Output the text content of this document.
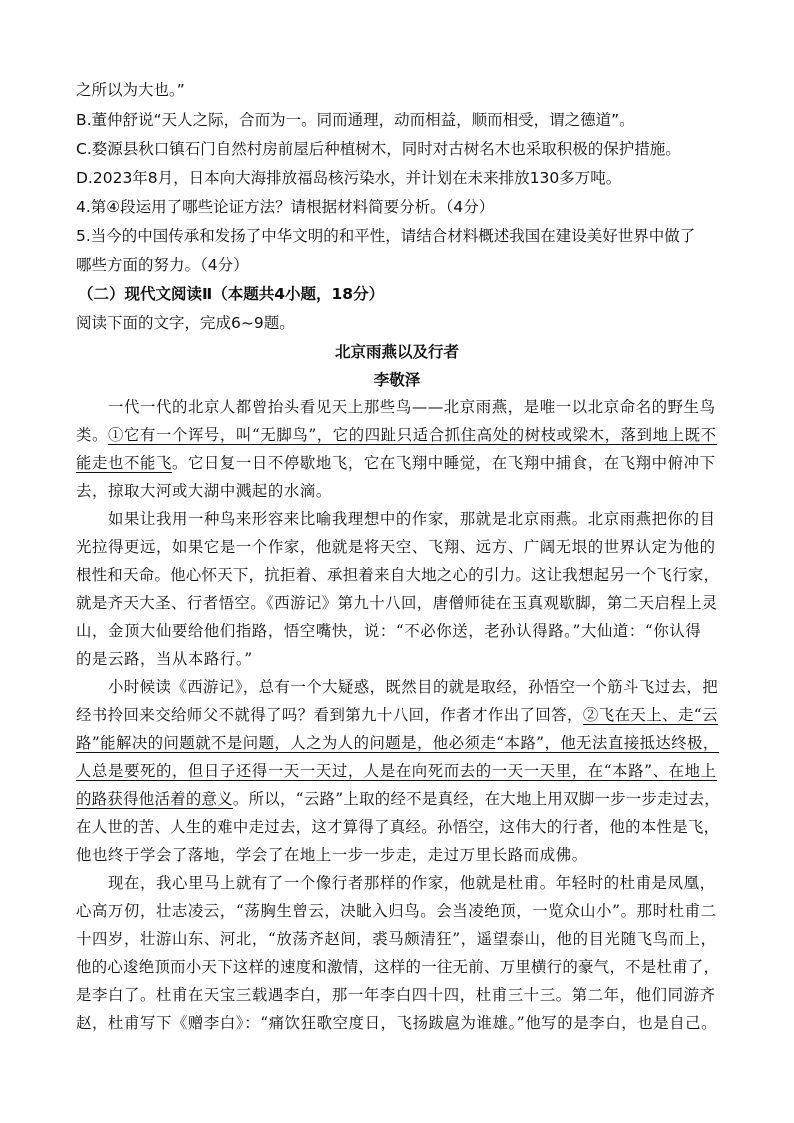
之所以为大也。”
B.董仲舒说“天人之际，合而为一。同而通理，动而相益，顺而相受，谓之德道”。
C.婺源县秋口镇石门自然村房前屋后种植树木，同时对古树名木也采取积极的保护措施。
D.2023年8月，日本向大海排放福岛核污染水，并计划在未来排放130多万吨。
4.第④段运用了哪些论证方法？请根据材料简要分析。（4分）
5.当今的中国传承和发扬了中华文明的和平性，请结合材料概述我国在建设美好世界中做了
哪些方面的努力。（4分）
（二）现代文阅读Ⅱ（本题共4小题，18分）
阅读下面的文字，完成6~9题。
北京雨燕以及行者
李敬泽
一代一代的北京人都曾抬头看见天上那些鸟——北京雨燕，是唯一以北京命名的野生鸟
类。①它有一个诨号，叫“无脚鸟”，它的四趾只适合抓住高处的树枝或梁木，落到地上既不
能走也不能飞。它日复一日不停歇地飞，它在飞翔中睡觉，在飞翔中捕食，在飞翔中俯冲下
去，掠取大河或大湖中溅起的水滴。
如果让我用一种鸟来形容来比喻我理想中的作家，那就是北京雨燕。北京雨燕把你的目
光拉得更远，如果它是一个作家，他就是将天空、飞翔、远方、广阔无垠的世界认定为他的
根性和天命。他心怀天下，抗拒着、承担着来自大地之心的引力。这让我想起另一个飞行家，
就是齐天大圣、行者悟空。《西游记》第九十八回，唐僧师徒在玉真观歇脚，第二天启程上灵
山，金顶大仙要给他们指路，悟空嘴快，说：“不必你送，老孙认得路。”大仙道：“你认得
的是云路，当从本路行。”
小时候读《西游记》，总有一个大疑惑，既然目的就是取经，孙悟空一个筋斗飞过去，把
经书拎回来交给师父不就得了吗？看到第九十八回，作者才作出了回答，②飞在天上、走“云
路”能解决的问题就不是问题，人之为人的问题是，他必须走“本路”，他无法直接抵达终极，
人总是要死的，但日子还得一天一天过，人是在向死而去的一天一天里，在“本路”、在地上
的路获得他活着的意义。所以，“云路”上取的经不是真经，在大地上用双脚一步一步走过去，
在人世的苦、人生的难中走过去，这才算得了真经。孙悟空，这伟大的行者，他的本性是飞，
他也终于学会了落地，学会了在地上一步一步走，走过万里长路而成佛。
现在，我心里马上就有了一个像行者那样的作家，他就是杜甫。年轻时的杜甫是凤凰，
心高万仞，壮志凌云，“荡胸生曾云，决眦入归鸟。会当凌绝顶，一览众山小”。那时杜甫二
十四岁，壮游山东、河北，“放荡齐赵间，裘马颇清狂”，遥望泰山，他的目光随飞鸟而上，
他的心逡绝顶而小天下这样的速度和激情，这样的一往无前、万里横行的豪气，不是杜甫了，
是李白了。杜甫在天宝三载遇李白，那一年李白四十四，杜甫三十三。第二年，他们同游齐
赵，杜甫写下《赠李白》：“痛饮狂歌空度日，飞扬跋扈为谁雄。”他写的是李白，也是自己。
